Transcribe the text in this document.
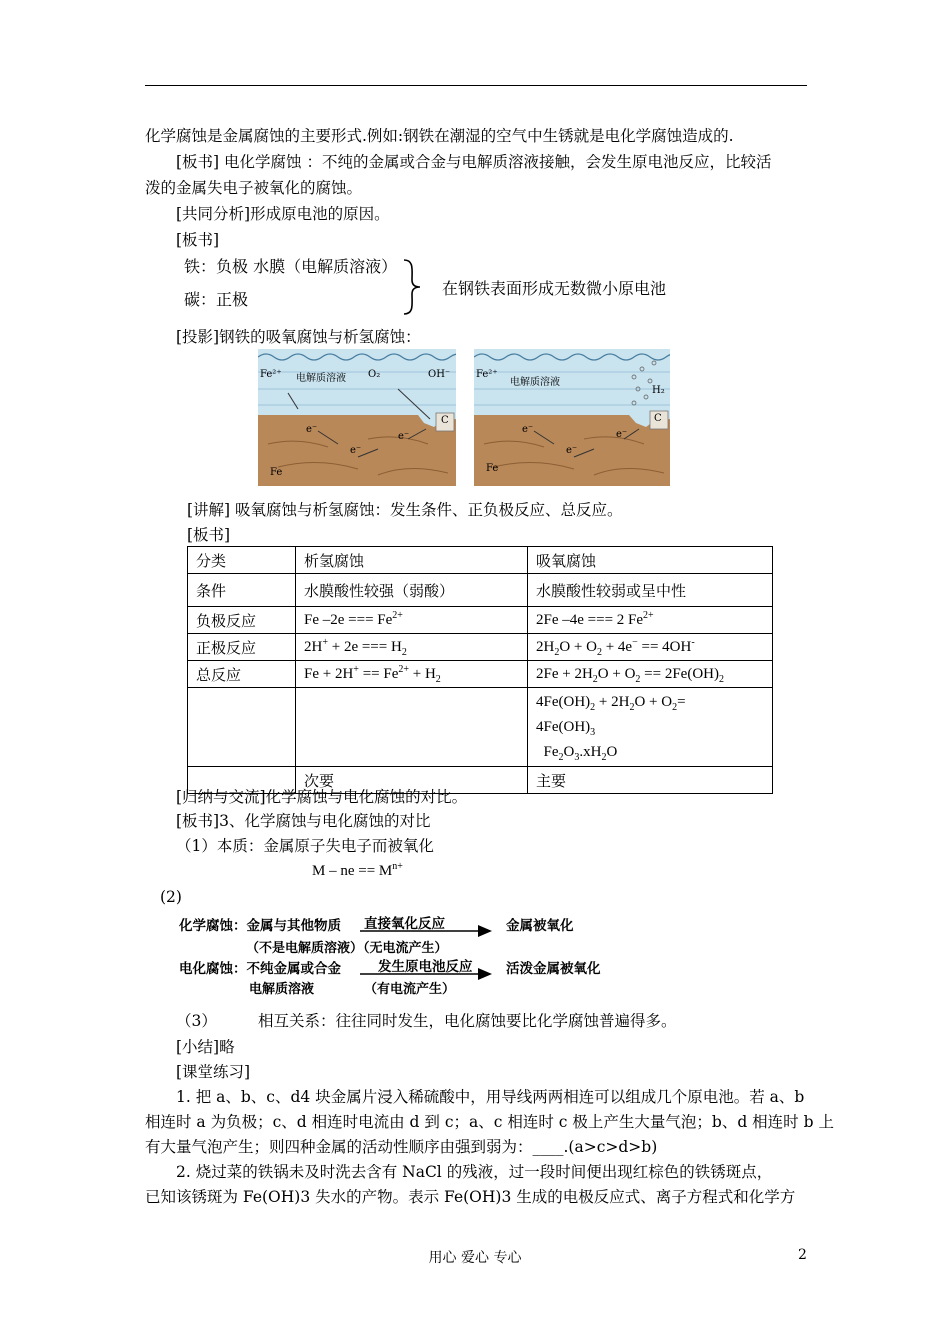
化学腐蚀是金属腐蚀的主要形式.例如:钢铁在潮湿的空气中生锈就是电化学腐蚀造成的.
[板书] 电化学腐蚀 ：不纯的金属或合金与电解质溶液接触，会发生原电池反应，比较活
泼的金属失电子被氧化的腐蚀。
[共同分析]形成原电池的原因。
[板书]
铁：负极 水膜（电解质溶液）
碳：正极
在钢铁表面形成无数微小原电池
[投影]钢铁的吸氧腐蚀与析氢腐蚀：
Fe²⁺ 电解质溶液 O₂	OH⁻
C
e⁻
e⁻
e⁻
Fe
Fe²⁺
电解质溶液
H₂
C
e⁻
e⁻
e⁻
Fe
[讲解] 吸氧腐蚀与析氢腐蚀：发生条件、正负极反应、总反应。
[板书]
分类	析氢腐蚀	吸氧腐蚀
条件	水膜酸性较强（弱酸）	水膜酸性较弱或呈中性
负极反应	Fe –2e === $Fe^{2+}$	2Fe –4e === 2 $Fe^{2+}$
正极反应	2H+ + 2e === $H_2$	$2H_2O + O_2 + 4e^- == 4OH^-$
总反应	$Fe + 2H^+ == Fe^{2+} + H_2$	$2Fe + 2H_2O + O_2 == 2Fe(OH)_2$
		$4Fe(OH)_2 + 2H_2O + O_2=$
$4Fe(OH)_3$
$Fe_2O_3.xH_2O$
	次要	主要
[归纳与交流]化学腐蚀与电化腐蚀的对比。
[板书]3、化学腐蚀与电化腐蚀的对比
（1）本质：金属原子失电子而被氧化
M – ne == $M^{n+}$
(2)
化学腐蚀：金属与其他物质 直接氧化反应	金属被氧化
（不是电解质溶液）（无电流产生）
电化腐蚀：不纯金属或合金	发生原电池反应 活泼金属被氧化
电解质溶液	（有电流产生）
（3）	相互关系：往往同时发生，电化腐蚀要比化学腐蚀普遍得多。
[小结]略
[课堂练习]
1. 把 a、b、c、d4 块金属片浸入稀硫酸中，用导线两两相连可以组成几个原电池。若 a、b
相连时 a 为负极；c、d 相连时电流由 d 到 c；a、c 相连时 c 极上产生大量气泡；b、d 相连时 b 上
有大量气泡产生；则四种金属的活动性顺序由强到弱为：____.(a>c>d>b)
2. 烧过菜的铁锅未及时洗去含有 NaCl 的残液，过一段时间便出现红棕色的铁锈斑点，
已知该锈斑为 Fe(OH)3 失水的产物。表示 Fe(OH)3 生成的电极反应式、离子方程式和化学方
用心 爱心 专心	2
